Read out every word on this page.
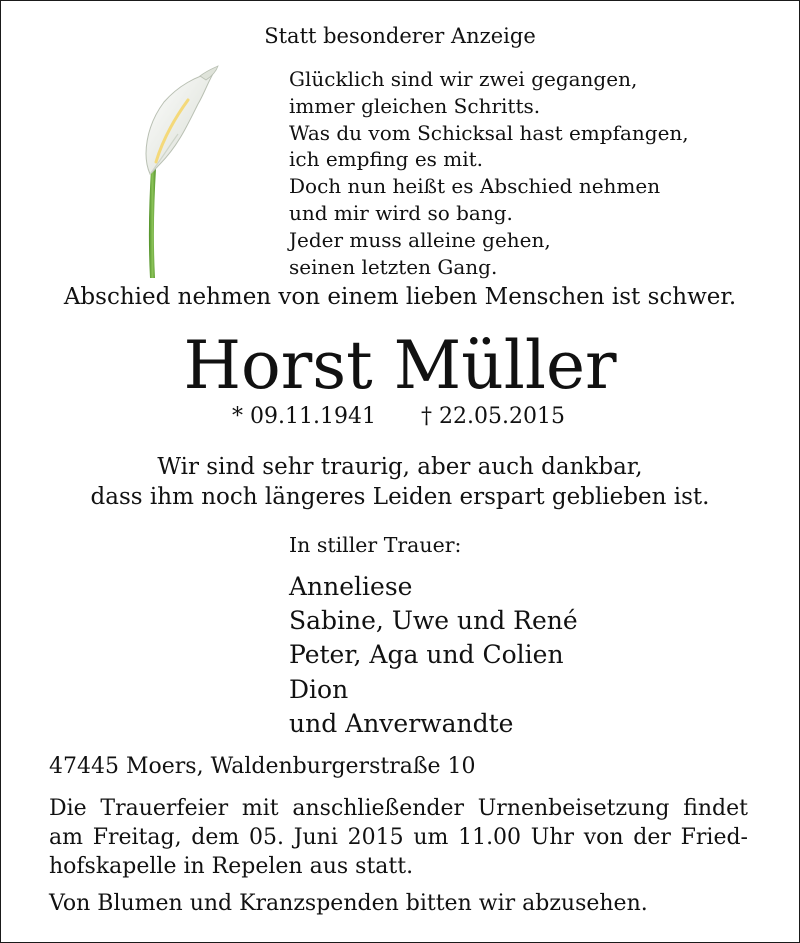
Statt besonderer Anzeige
Glücklich sind wir zwei gegangen,
immer gleichen Schritts.
Was du vom Schicksal hast empfangen,
ich empfing es mit.
Doch nun heißt es Abschied nehmen
und mir wird so bang.
Jeder muss alleine gehen,
seinen letzten Gang.
Abschied nehmen von einem lieben Menschen ist schwer.
Horst Müller
* 09.11.1941 † 22.05.2015
Wir sind sehr traurig, aber auch dankbar,
dass ihm noch längeres Leiden erspart geblieben ist.
In stiller Trauer:
Anneliese
Sabine, Uwe und René
Peter, Aga und Colien
Dion
und Anverwandte
47445 Moers, Waldenburgerstraße 10
Die Trauerfeier mit anschließender Urnenbeisetzung findet
am Freitag, dem 05. Juni 2015 um 11.00 Uhr von der Fried-
hofskapelle in Repelen aus statt.
Von Blumen und Kranzspenden bitten wir abzusehen.
